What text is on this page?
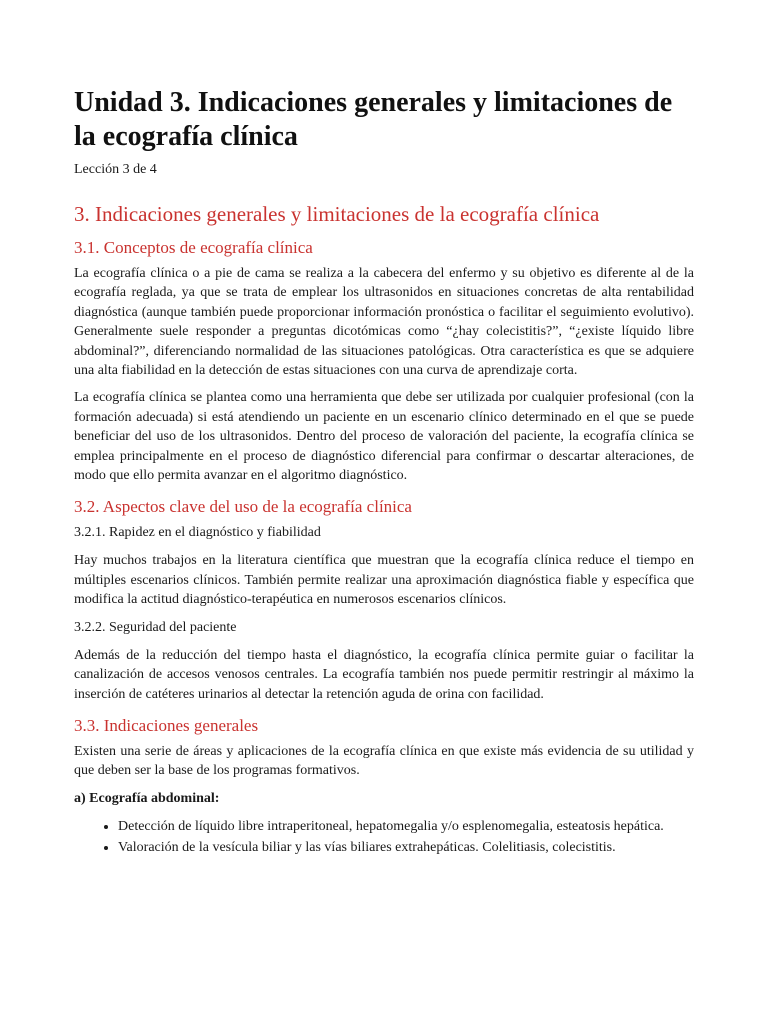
Unidad 3. Indicaciones generales y limitaciones de la ecografía clínica
Lección 3 de 4
3. Indicaciones generales y limitaciones de la ecografía clínica
3.1. Conceptos de ecografía clínica

La ecografía clínica o a pie de cama se realiza a la cabecera del enfermo y su objetivo es diferente al de la ecografía reglada, ya que se trata de emplear los ultrasonidos en situaciones concretas de alta rentabilidad diagnóstica (aunque también puede proporcionar información pronóstica o facilitar el seguimiento evolutivo). Generalmente suele responder a preguntas dicotómicas como “¿hay colecistitis?”, “¿existe líquido libre abdominal?”, diferenciando normalidad de las situaciones patológicas. Otra característica es que se adquiere una alta fiabilidad en la detección de estas situaciones con una curva de aprendizaje corta.

La ecografía clínica se plantea como una herramienta que debe ser utilizada por cualquier profesional (con la formación adecuada) si está atendiendo un paciente en un escenario clínico determinado en el que se puede beneficiar del uso de los ultrasonidos. Dentro del proceso de valoración del paciente, la ecografía clínica se emplea principalmente en el proceso de diagnóstico diferencial para confirmar o descartar alteraciones, de modo que ello permita avanzar en el algoritmo diagnóstico.

3.2. Aspectos clave del uso de la ecografía clínica
3.2.1. Rapidez en el diagnóstico y fiabilidad

Hay muchos trabajos en la literatura científica que muestran que la ecografía clínica reduce el tiempo en múltiples escenarios clínicos. También permite realizar una aproximación diagnóstica fiable y específica que modifica la actitud diagnóstico-terapéutica en numerosos escenarios clínicos.

3.2.2. Seguridad del paciente

Además de la reducción del tiempo hasta el diagnóstico, la ecografía clínica permite guiar o facilitar la canalización de accesos venosos centrales. La ecografía también nos puede permitir restringir al máximo la inserción de catéteres urinarios al detectar la retención aguda de orina con facilidad.

3.3. Indicaciones generales

Existen una serie de áreas y aplicaciones de la ecografía clínica en que existe más evidencia de su utilidad y que deben ser la base de los programas formativos.

a) Ecografía abdominal:
• Detección de líquido libre intraperitoneal, hepatomegalia y/o esplenomegalia, esteatosis hepática.
• Valoración de la vesícula biliar y las vías biliares extrahepáticas. Colelitiasis, colecistitis.
